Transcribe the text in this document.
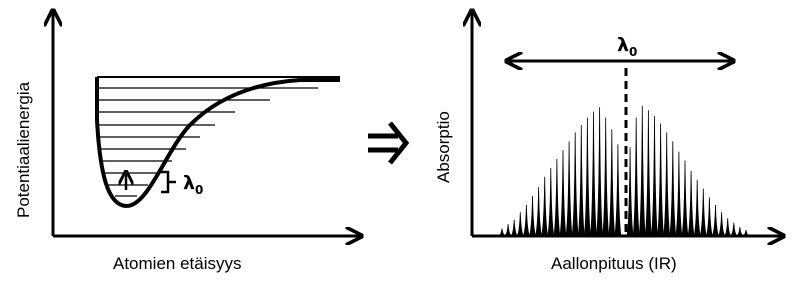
Atomien etäisyys
Potentiaalienergia	$\lambda_0$
Aallonpituus (IR)
Absorptio
$\lambda_0$
